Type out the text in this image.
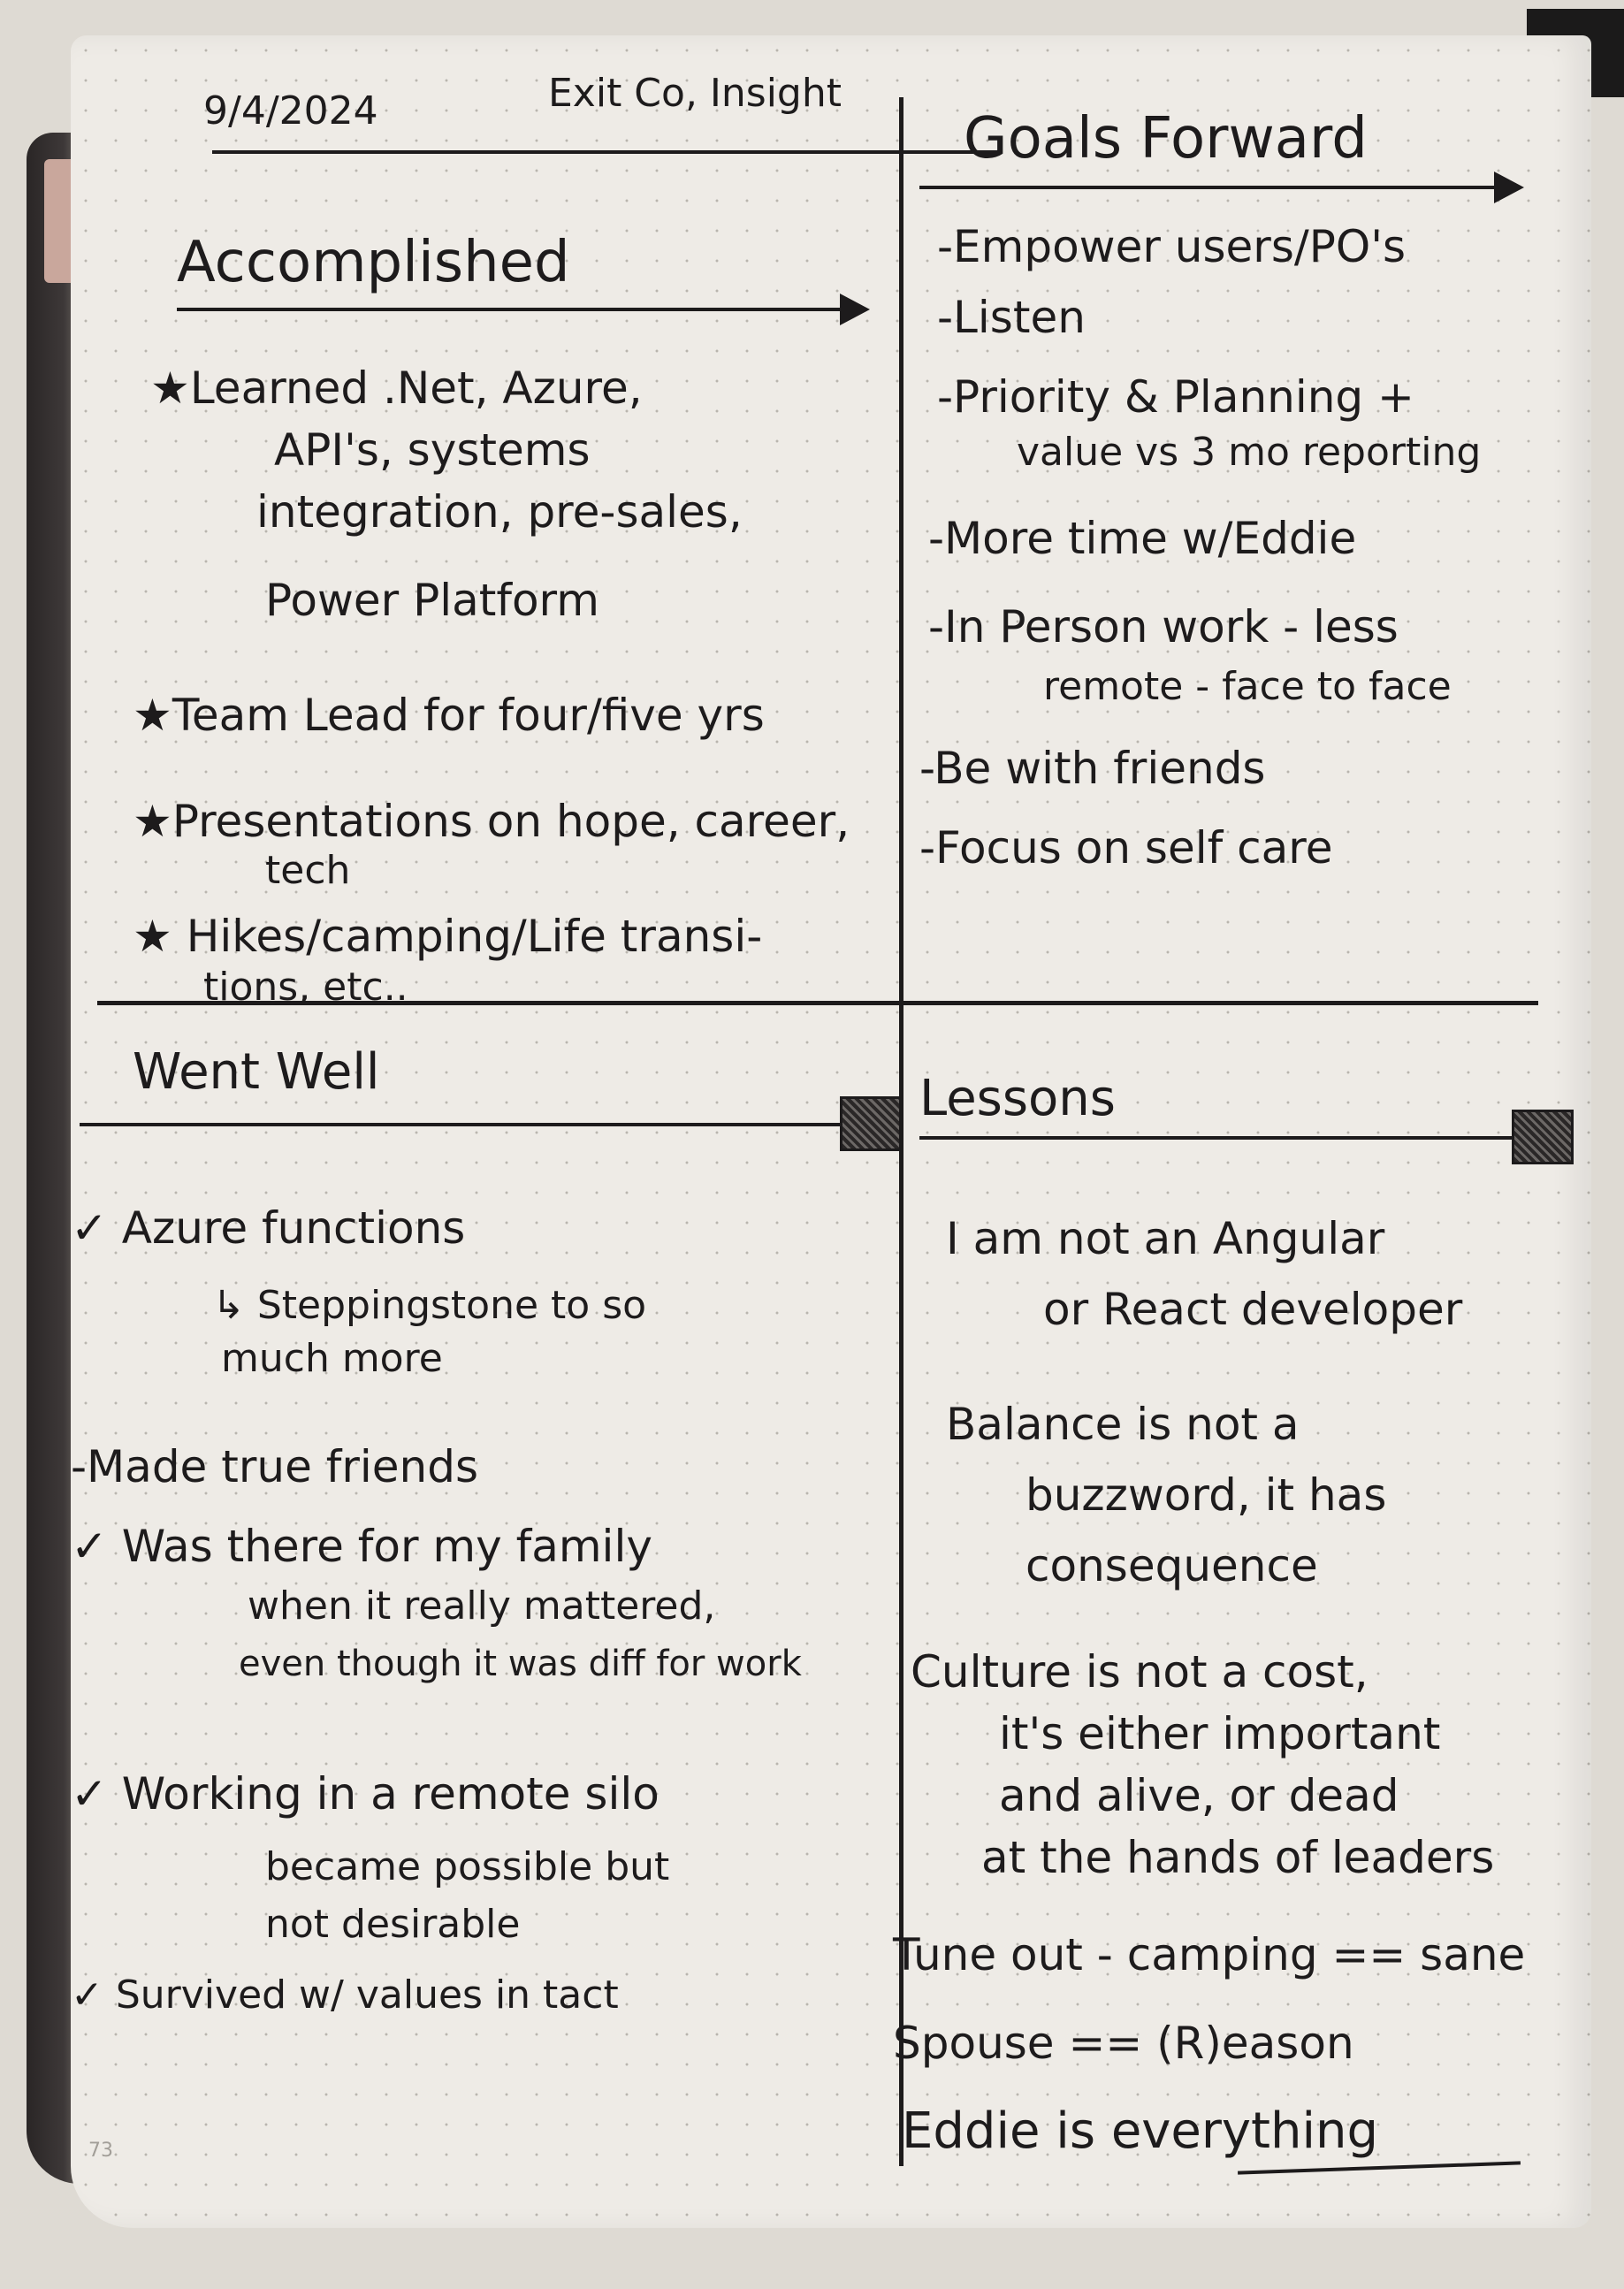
9/4/2024	Exit Co, Insight
Accomplished
★Learned .Net, Azure,
API's, systems
integration, pre-sales,
Power Platform
★Team Lead for four/five yrs
★Presentations on hope, career,
tech
★ Hikes/camping/Life transi-
tions, etc..
Goals Forward
-Empower users/PO's
-Listen
-Priority & Planning +
value vs 3 mo reporting
-More time w/Eddie
-In Person work - less
remote - face to face
-Be with friends
-Focus on self care
Went Well
✓ Azure functions
↳ Steppingstone to so
much more
-Made true friends
✓ Was there for my family
when it really mattered,
even though it was diff for work
✓ Working in a remote silo
became possible but
not desirable
✓ Survived w/ values in tact
Lessons
I am not an Angular
or React developer
Balance is not a
buzzword, it has
consequence
Culture is not a cost,
it's either important
and alive, or dead
at the hands of leaders
Tune out - camping == sane
Spouse == (R)eason
Eddie is everything
73
